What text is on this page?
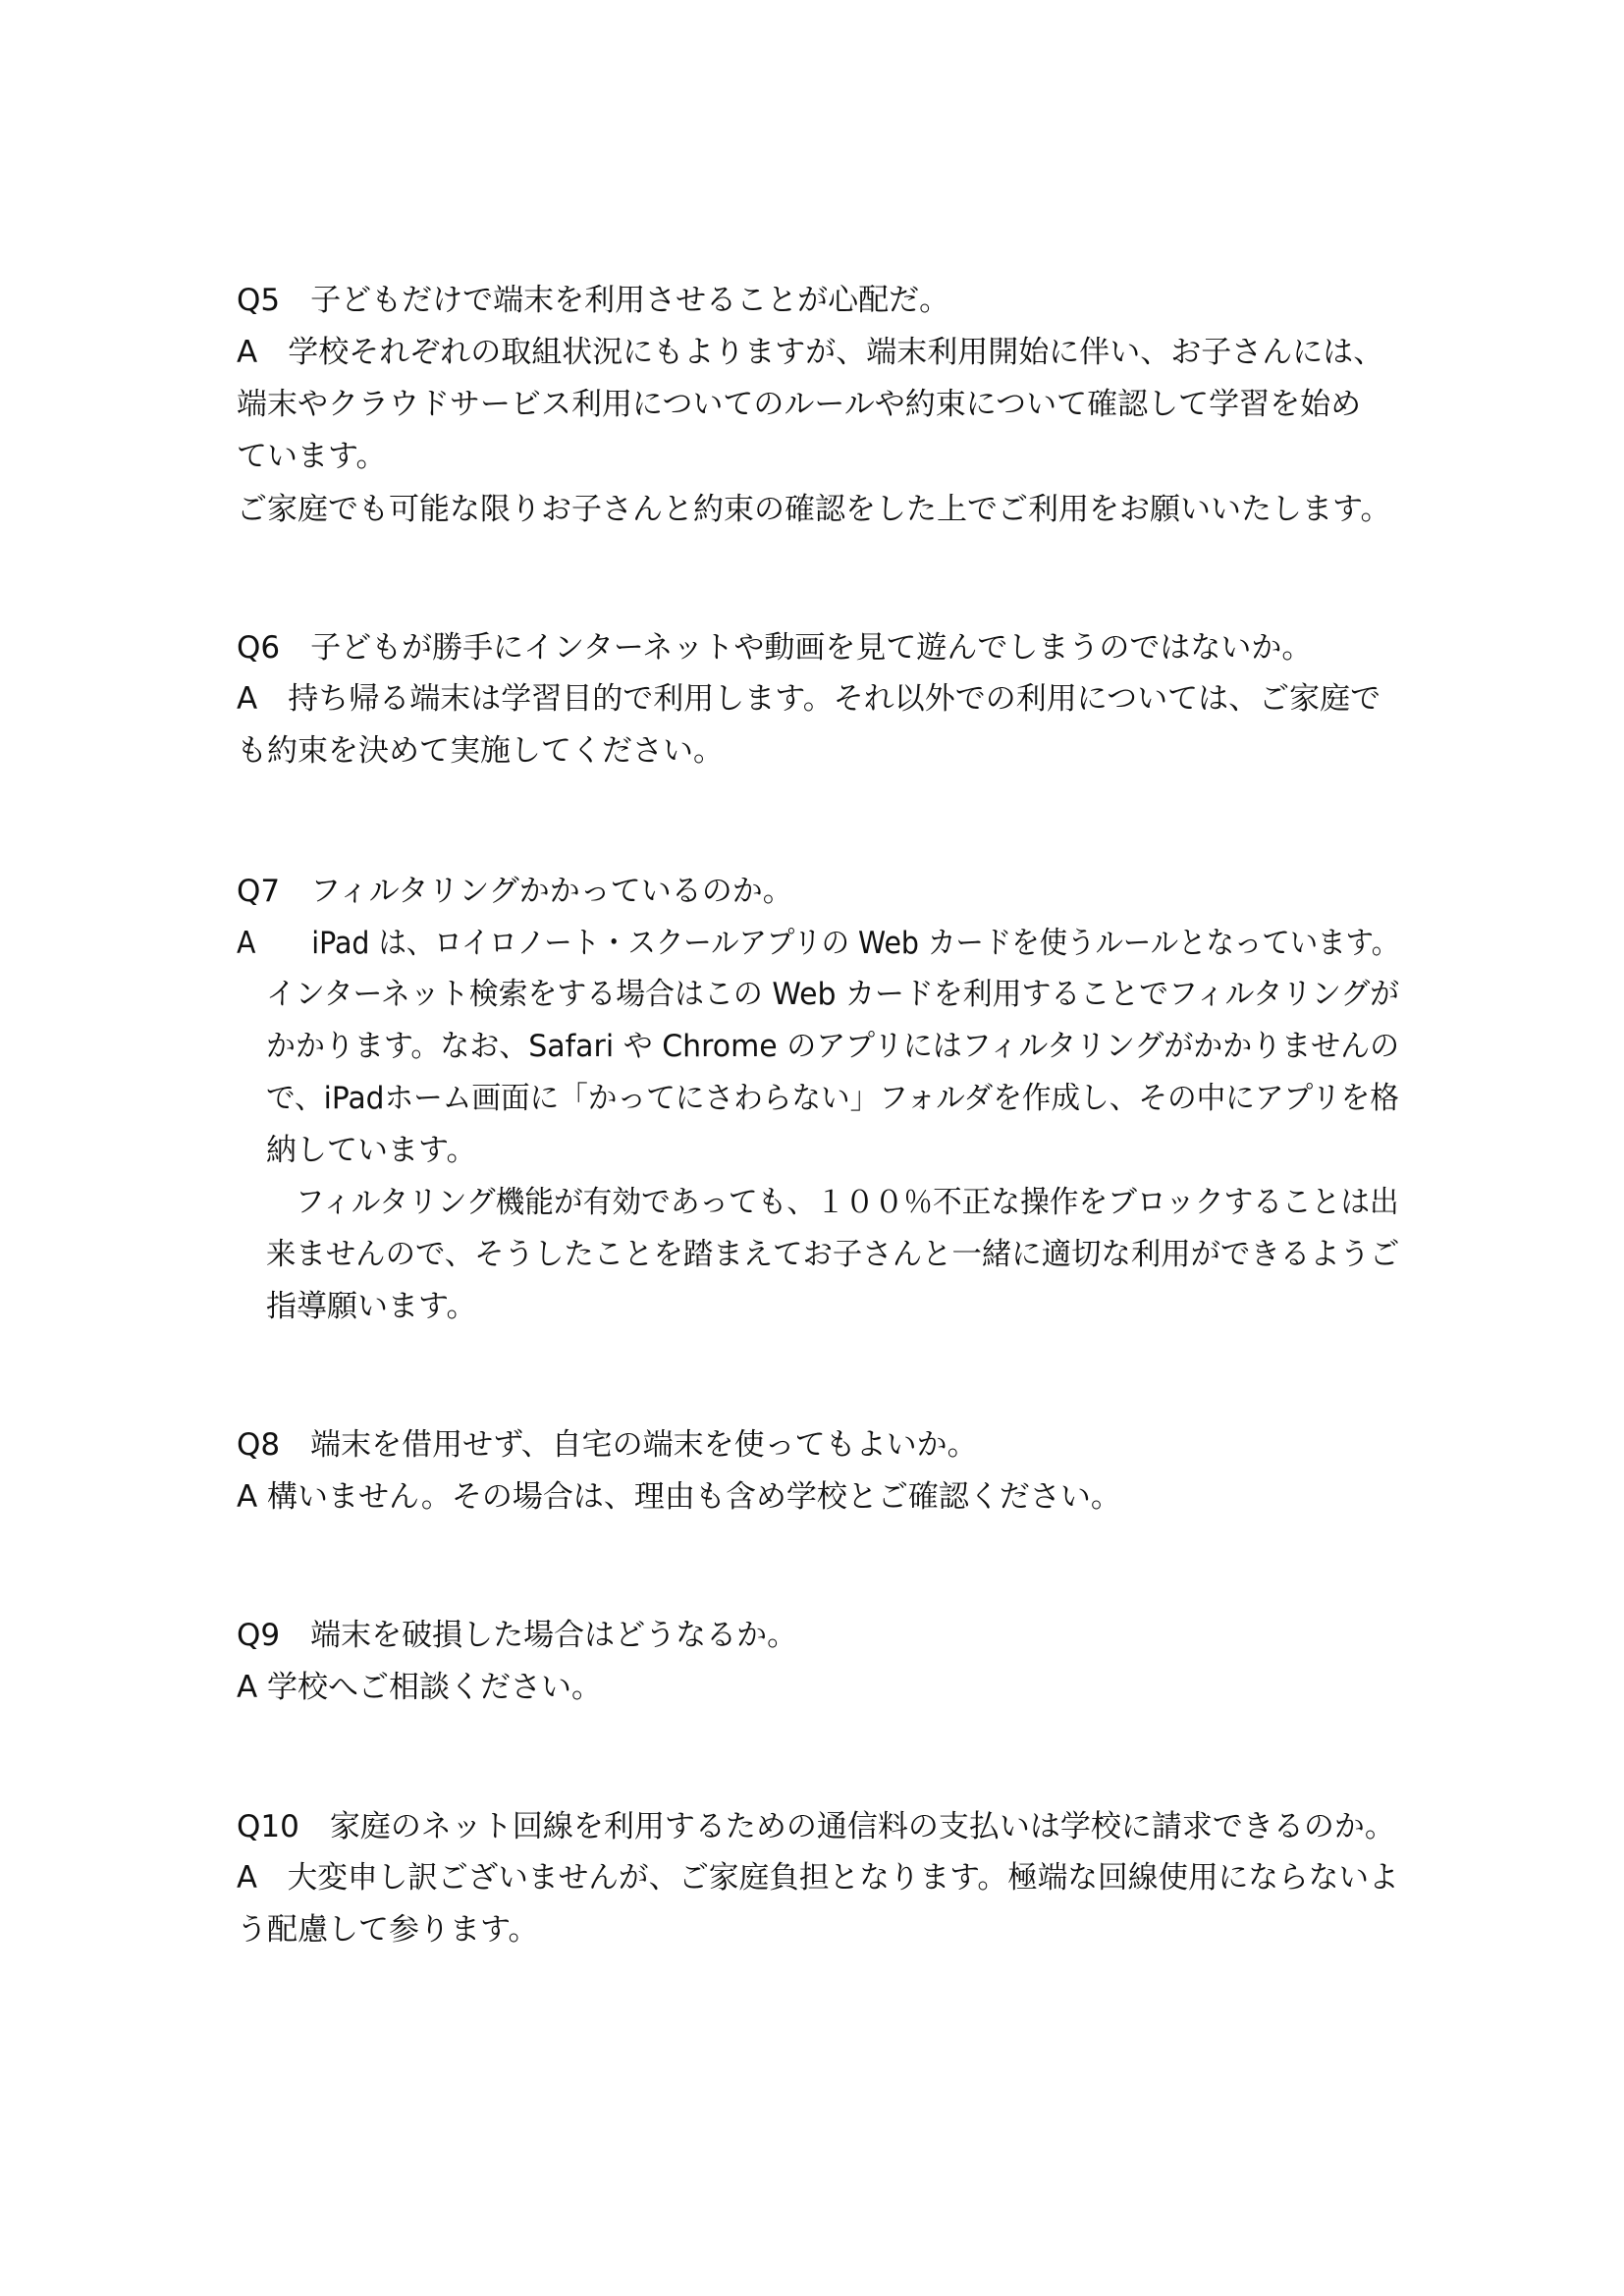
Q5　子どもだけで端末を利用させることが心配だ。
A　学校それぞれの取組状況にもよりますが、端末利用開始に伴い、お子さんには、
端末やクラウドサービス利用についてのルールや約束について確認して学習を始め
ています。
ご家庭でも可能な限りお子さんと約束の確認をした上でご利用をお願いいたします。
Q6　子どもが勝手にインターネットや動画を見て遊んでしまうのではないか。
A　持ち帰る端末は学習目的で利用します。それ以外での利用については、ご家庭で
も約束を決めて実施してください。
Q7　フィルタリングかかっているのか。
A　　iPad は、ロイロノート・スクールアプリの Web カードを使うルールとなっています。
インターネット検索をする場合はこの Web カードを利用することでフィルタリングが
かかります。なお、Safari や Chrome のアプリにはフィルタリングがかかりませんの
で、iPadホーム画面に「かってにさわらない」フォルダを作成し、その中にアプリを格
納しています。
　フィルタリング機能が有効であっても、１００％不正な操作をブロックすることは出
来ませんので、そうしたことを踏まえてお子さんと一緒に適切な利用ができるようご
指導願います。
Q8　端末を借用せず、自宅の端末を使ってもよいか。
A 構いません。その場合は、理由も含め学校とご確認ください。
Q9　端末を破損した場合はどうなるか。
A 学校へご相談ください。
Q10　家庭のネット回線を利用するための通信料の支払いは学校に請求できるのか。
A　大変申し訳ございませんが、ご家庭負担となります。極端な回線使用にならないよ
う配慮して参ります。
